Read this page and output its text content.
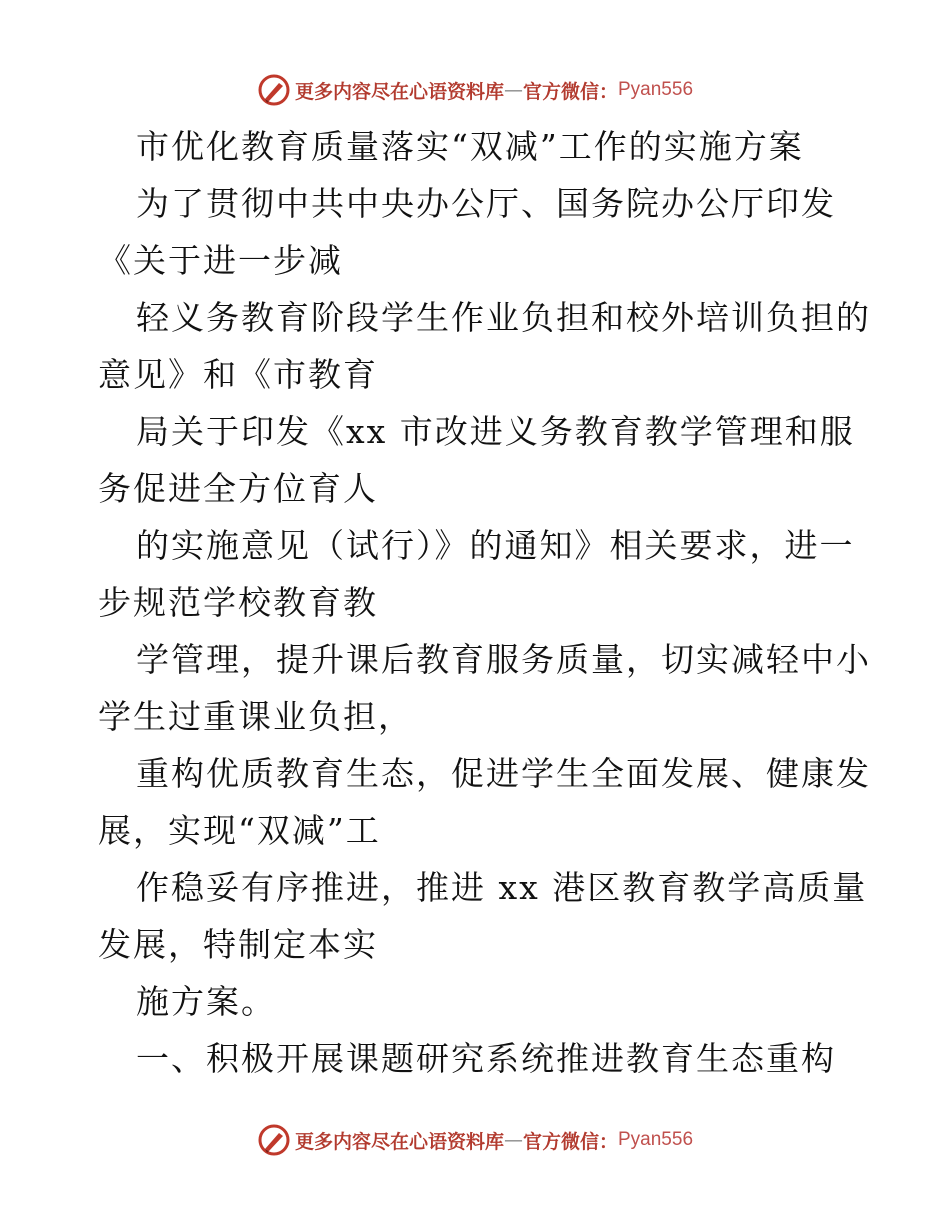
更多内容尽在心语资料库 — 官方微信： Pyan556
市优化教育质量落实“双减”工作的实施方案
为了贯彻中共中央办公厅、国务院办公厅印发
《关于进一步减
轻义务教育阶段学生作业负担和校外培训负担的
意见》和《市教育
局关于印发《xx 市改进义务教育教学管理和服
务促进全方位育人
的实施意见（试行）》的通知》相关要求，进一
步规范学校教育教
学管理，提升课后教育服务质量，切实减轻中小
学生过重课业负担，
重构优质教育生态，促进学生全面发展、健康发
展，实现“双减”工
作稳妥有序推进，推进 xx 港区教育教学高质量
发展，特制定本实
施方案。
一、积极开展课题研究系统推进教育生态重构
更多内容尽在心语资料库 — 官方微信： Pyan556
